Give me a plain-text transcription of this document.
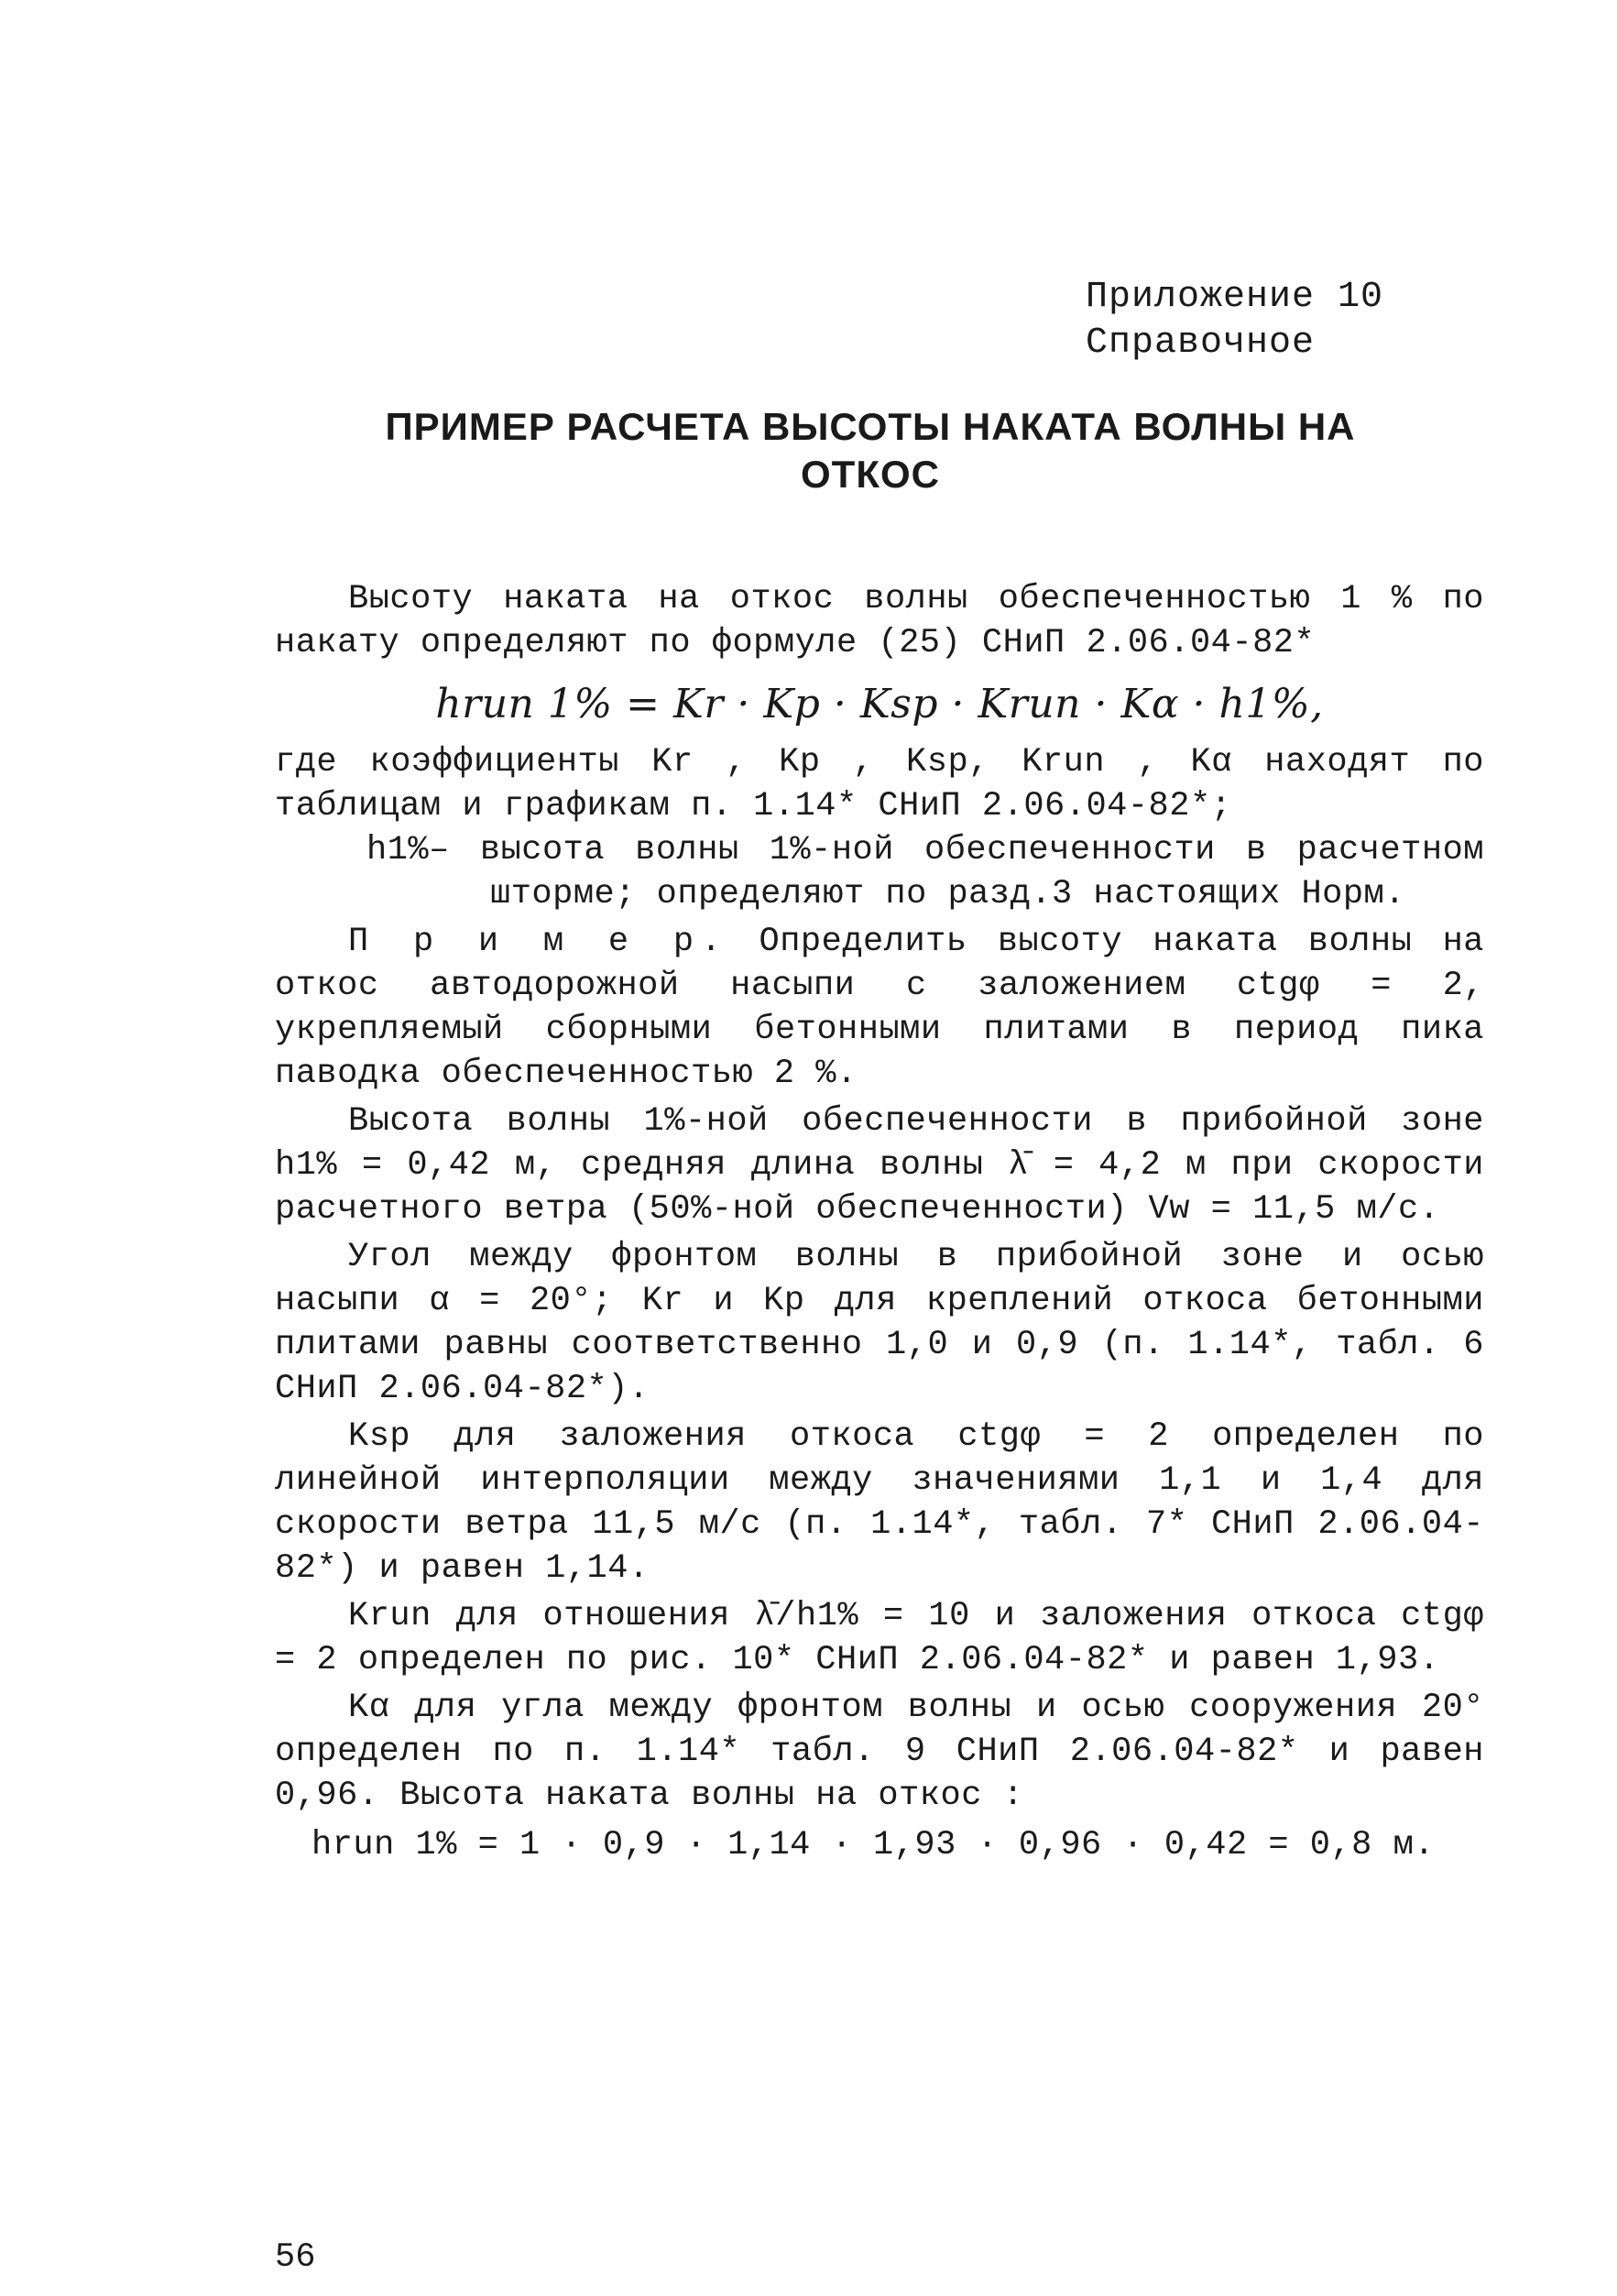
Приложение 10
Справочное
ПРИМЕР РАСЧЕТА ВЫСОТЫ НАКАТА ВОЛНЫ НА
ОТКОС

Высоту наката на откос волны обеспеченностью 1 % по накату определяют по формуле (25) СНиП 2.06.04-82*

hrun 1% = Kr · Kp · Ksp · Krun · Kα · h1%,

где коэффициенты Kr , Kp , Ksp, Krun , Kα находят по таблицам и графикам п. 1.14* СНиП 2.06.04-82*;

h1%– высота волны 1%-ной обеспеченности в расчетном шторме; определяют по разд.3 настоящих Норм.

П р и м е р. Определить высоту наката волны на откос автодорожной насыпи с заложением ctgφ = 2, укрепляемый сборными бетонными плитами в период пика паводка обеспеченностью 2 %.

Высота волны 1%-ной обеспеченности в прибойной зоне h1% = 0,42 м, средняя длина волны λ̄ = 4,2 м при скорости расчетного ветра (50%-ной обеспеченности) Vw = 11,5 м/с.

Угол между фронтом волны в прибойной зоне и осью насыпи α = 20°; Kr и Kp для креплений откоса бетонными плитами равны соответственно 1,0 и 0,9 (п. 1.14*, табл. 6 СНиП 2.06.04-82*).

Ksp для заложения откоса ctgφ = 2 определен по линейной интерполяции между значениями 1,1 и 1,4 для скорости ветра 11,5 м/с (п. 1.14*, табл. 7* СНиП 2.06.04-82*) и равен 1,14.

Krun для отношения λ̄/h1% = 10 и заложения откоса ctgφ = 2 определен по рис. 10* СНиП 2.06.04-82* и равен 1,93.

Kα для угла между фронтом волны и осью сооружения 20° определен по п. 1.14* табл. 9 СНиП 2.06.04-82* и равен 0,96. Высота наката волны на откос :

hrun 1% = 1 · 0,9 · 1,14 · 1,93 · 0,96 · 0,42 = 0,8 м.
56
